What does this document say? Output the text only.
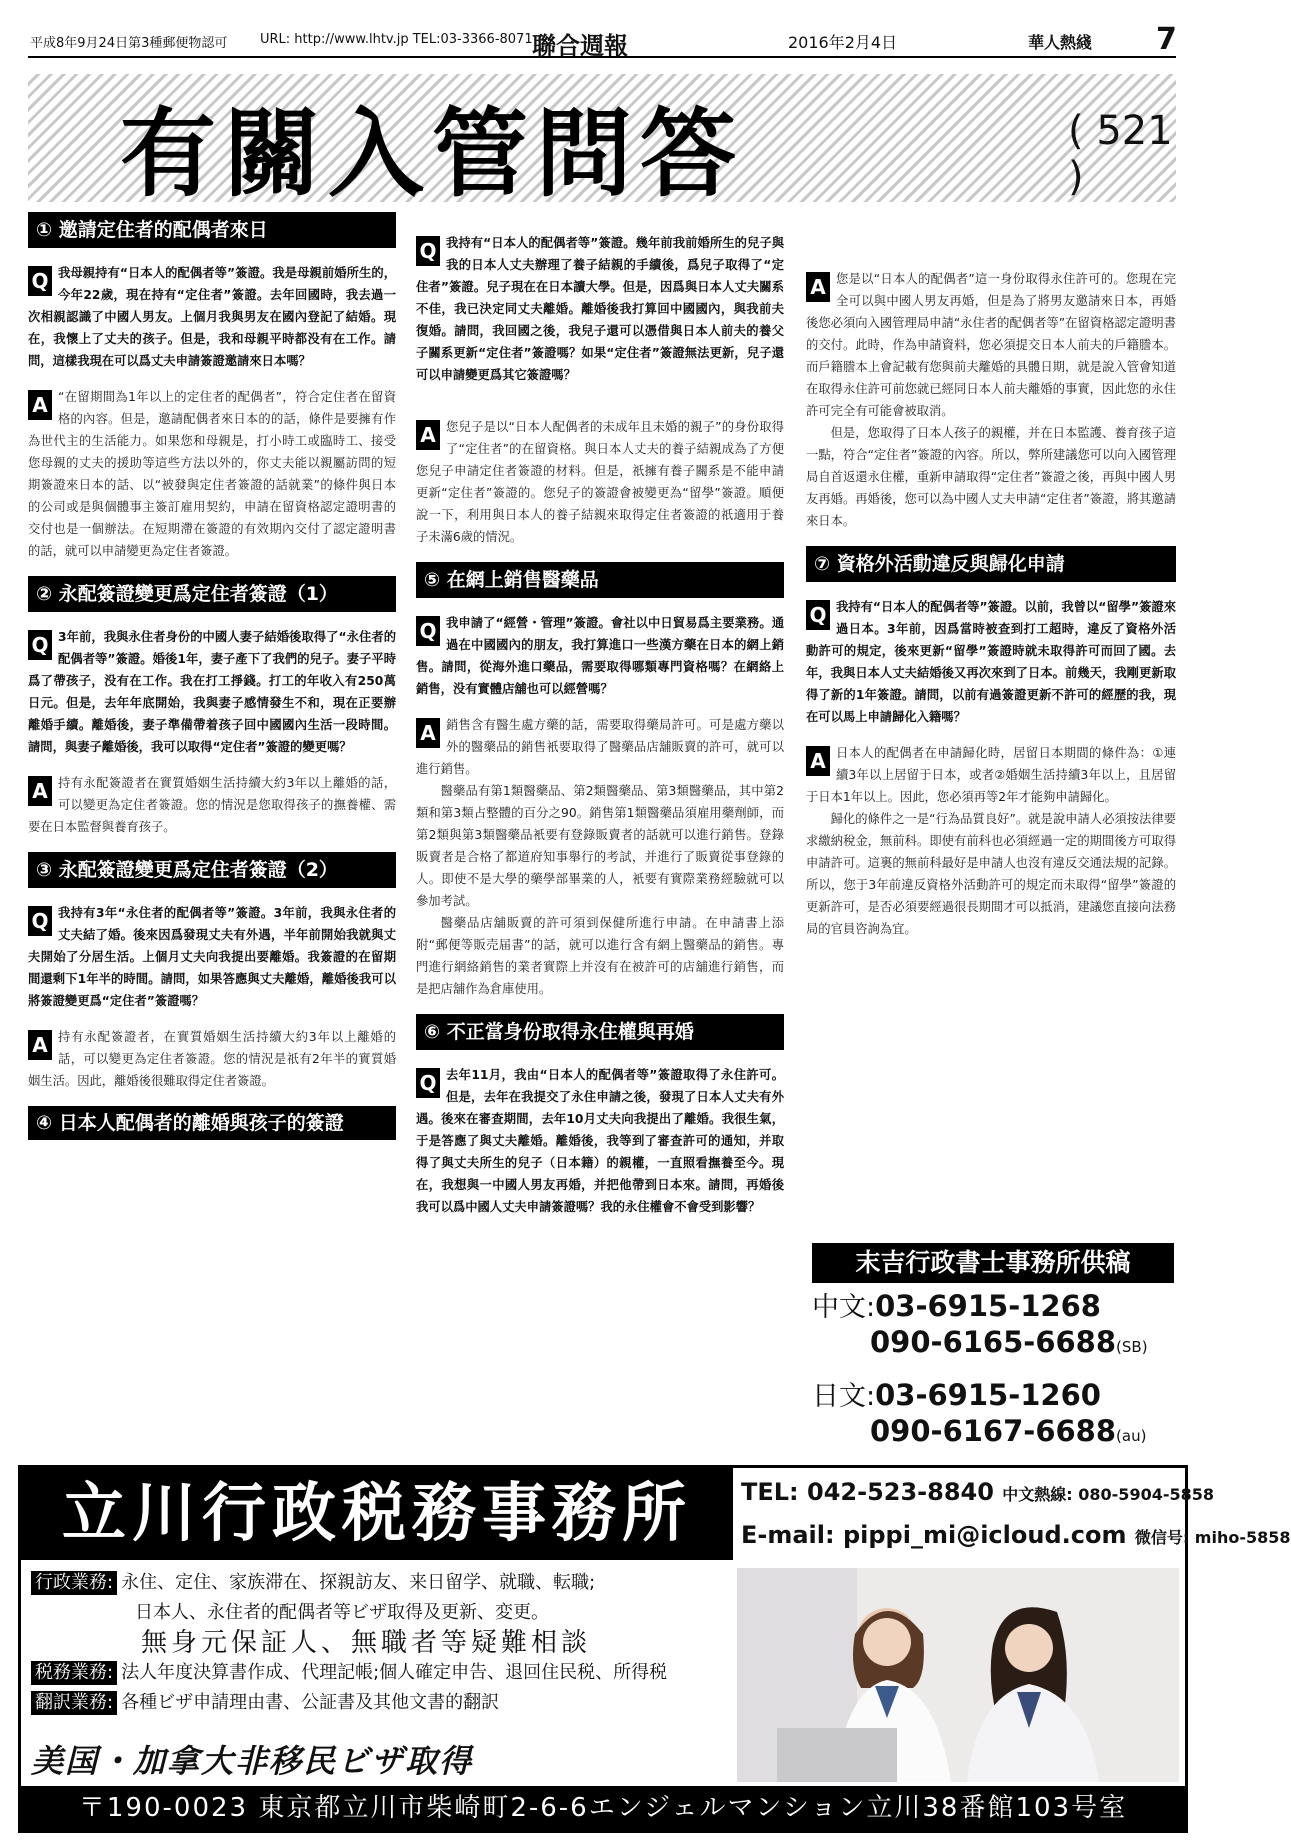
平成8年9月24日第3種郵便物認可	URL: http://www.lhtv.jp TEL:03-3366-8071 聯合週報	2016年2月4日	華人熱綫 7
有關入管問答	( 521 )
① 邀請定住者的配偶者來日
Q 我母親持有“日本人的配偶者等”簽證。我是母親前婚所生的，今年22歲，現在持有“定住者”簽證。去年回國時，我去過一次相親認識了中國人男友。上個月我與男友在國內登記了結婚。現在，我懷上了丈夫的孩子。但是，我和母親平時都没有在工作。請問，這樣我現在可以爲丈夫申請簽證邀請來日本嗎？
A “在留期間為1年以上的定住者的配偶者”，符合定住者在留資格的內容。但是，邀請配偶者來日本的的話，條件是要擁有作為世代主的生活能力。如果您和母親是，打小時工或臨時工、接受您母親的丈夫的援助等這些方法以外的，你丈夫能以親屬訪問的短期簽證來日本的話、以“被發與定住者簽證的話就業”的條件與日本的公司或是與個體事主簽訂雇用契約，申請在留資格認定證明書的交付也是一個辦法。在短期滯在簽證的有效期內交付了認定證明書的話，就可以申請變更為定住者簽證。
② 永配簽證變更爲定住者簽證（1）
Q 3年前，我與永住者身份的中國人妻子結婚後取得了“永住者的配偶者等”簽證。婚後1年，妻子產下了我們的兒子。妻子平時爲了帶孩子，没有在工作。我在打工掙錢。打工的年收入有250萬日元。但是，去年年底開始，我與妻子感情發生不和，現在正要辦離婚手續。離婚後，妻子準備帶着孩子回中國國內生活一段時間。請問，與妻子離婚後，我可以取得“定住者”簽證的變更嗎？
A 持有永配簽證者在實質婚姻生活持續大約3年以上離婚的話，可以變更為定住者簽證。您的情況是您取得孩子的撫養權、需要在日本監督與養育孩子。
③ 永配簽證變更爲定住者簽證（2）
Q 我持有3年“永住者的配偶者等”簽證。3年前，我與永住者的丈夫結了婚。後來因爲發現丈夫有外遇，半年前開始我就與丈夫開始了分居生活。上個月丈夫向我提出要離婚。我簽證的在留期間還剩下1年半的時間。請問，如果答應與丈夫離婚，離婚後我可以將簽證變更爲“定住者”簽證嗎？
A 持有永配簽證者，在實質婚姻生活持續大約3年以上離婚的話，可以變更為定住者簽證。您的情況是祇有2年半的實質婚姻生活。因此，離婚後很難取得定住者簽證。
④ 日本人配偶者的離婚與孩子的簽證
Q 我持有“日本人的配偶者等”簽證。幾年前我前婚所生的兒子與我的日本人丈夫辦理了養子結親的手續後，爲兒子取得了“定住者”簽證。兒子現在在日本讀大學。但是，因爲與日本人丈夫關系不佳，我已決定同丈夫離婚。離婚後我打算回中國國內，與我前夫復婚。請問，我回國之後，我兒子還可以憑借與日本人前夫的養父子關系更新“定住者”簽證嗎？如果“定住者”簽證無法更新，兒子還可以申請變更爲其它簽證嗎？
A 您兒子是以“日本人配偶者的未成年且未婚的親子”的身份取得了“定住者”的在留資格。與日本人丈夫的養子結親成為了方便您兒子申請定住者簽證的材料。但是，祇擁有養子關系是不能申請更新“定住者”簽證的。您兒子的簽證會被變更為“留學”簽證。順便說一下，利用與日本人的養子結親來取得定住者簽證的祇適用于養子未滿6歲的情況。
⑤ 在網上銷售醫藥品
Q 我申請了“經營・管理”簽證。會社以中日貿易爲主要業務。通過在中國國內的朋友，我打算進口一些漢方藥在日本的網上銷售。請問，從海外進口藥品，需要取得哪類專門資格嗎？在網絡上銷售，没有實體店舖也可以經營嗎？
A 銷售含有醫生處方藥的話，需要取得藥局許可。可是處方藥以外的醫藥品的銷售衹要取得了醫藥品店舖販賣的許可，就可以進行銷售。

醫藥品有第1類醫藥品、第2類醫藥品、第3類醫藥品，其中第2類和第3類占整體的百分之90。銷售第1類醫藥品須雇用藥劑師，而第2類與第3類醫藥品衹要有登錄販賣者的話就可以進行銷售。登錄販賣者是合格了都道府知事舉行的考試，并進行了販賣從事登錄的人。即使不是大學的藥學部畢業的人，衹要有實際業務經驗就可以參加考試。

醫藥品店舖販賣的許可須到保健所進行申請。在申請書上添附“郵便等販売届書”的話，就可以進行含有網上醫藥品的銷售。專門進行網絡銷售的業者實際上并沒有在被許可的店舖進行銷售，而是把店舖作為倉庫使用。

⑥ 不正當身份取得永住權與再婚
Q 去年11月，我由“日本人的配偶者等”簽證取得了永住許可。但是，去年在我提交了永住申請之後，發現了日本人丈夫有外遇。後來在審查期間，去年10月丈夫向我提出了離婚。我很生氣，于是答應了與丈夫離婚。離婚後，我等到了審查許可的通知，并取得了與丈夫所生的兒子（日本籍）的親權，一直照看撫養至今。現在，我想與一中國人男友再婚，并把他帶到日本來。請問，再婚後我可以爲中國人丈夫申請簽證嗎？我的永住權會不會受到影響？
A 您是以“日本人的配偶者”這一身份取得永住許可的。您現在完全可以與中國人男友再婚，但是為了將男友邀請來日本，再婚後您必須向入國管理局申請“永住者的配偶者等”在留資格認定證明書的交付。此時，作為申請資料，您必須提交日本人前夫的戶籍謄本。而戶籍謄本上會記載有您與前夫離婚的具體日期，就是說入管會知道在取得永住許可前您就已經同日本人前夫離婚的事實，因此您的永住許可完全有可能會被取消。

但是，您取得了日本人孩子的親權，并在日本監護、養育孩子這一點，符合“定住者”簽證的內容。所以，弊所建議您可以向入國管理局自首返還永住權，重新申請取得“定住者”簽證之後，再與中國人男友再婚。再婚後，您可以為中國人丈夫申請“定住者”簽證，將其邀請來日本。

⑦ 資格外活動違反與歸化申請
Q 我持有“日本人的配偶者等”簽證。以前，我曾以“留學”簽證來過日本。3年前，因爲當時被查到打工超時，違反了資格外活動許可的規定，後來更新“留學”簽證時就未取得許可而回了國。去年，我與日本人丈夫結婚後又再次來到了日本。前幾天，我剛更新取得了新的1年簽證。請問，以前有過簽證更新不許可的經歷的我，現在可以馬上申請歸化入籍嗎？
A 日本人的配偶者在申請歸化時，居留日本期間的條件為：①連續3年以上居留于日本，或者②婚姻生活持續3年以上，且居留于日本1年以上。因此，您必須再等2年才能夠申請歸化。

歸化的條件之一是“行為品質良好”。就是說申請人必須按法律要求繳納稅金，無前科。即使有前科也必須經過一定的期間後方可取得申請許可。這裏的無前科最好是申請人也沒有違反交通法規的記錄。所以，您于3年前違反資格外活動許可的規定而未取得“留學”簽證的更新許可，是否必須要經過很長期間才可以抵消，建議您直接向法務局的官員咨詢為宜。

末吉行政書士事務所供稿
中文:03-6915-1268
090-6165-6688(SB)
日文:03-6915-1260
090-6167-6688(au)
立川行政税務事務所	TEL: 042-523-8840 中文熱線: 080-5904-5858
E-mail: pippi_mi@icloud.com 微信号: miho-5858
行政業務: 永住、定住、家族滞在、探親訪友、来日留学、就職、転職;
日本人、永住者的配偶者等ビザ取得及更新、変更。
無身元保証人、無職者等疑難相談
税務業務: 法人年度決算書作成、代理記帳;個人確定申告、退回住民税、所得税
翻訳業務: 各種ビザ申請理由書、公証書及其他文書的翻訳
美国・加拿大非移民ビザ取得
〒190-0023 東京都立川市柴崎町2-6-6エンジェルマンション立川38番館103号室
